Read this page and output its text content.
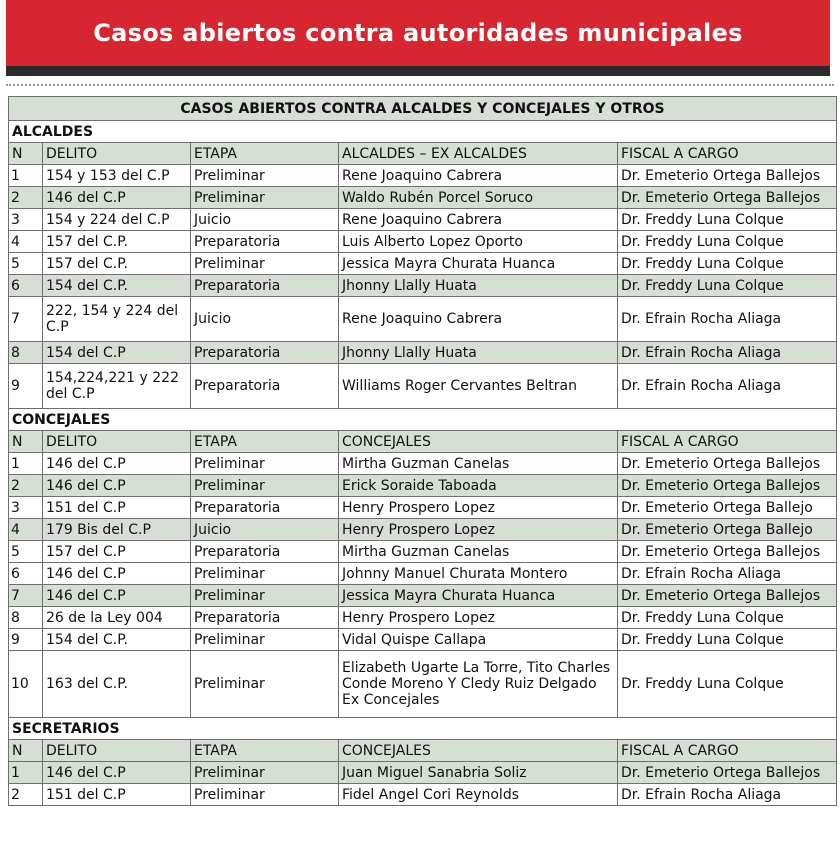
Casos abiertos contra autoridades municipales
CASOS ABIERTOS CONTRA ALCALDES Y CONCEJALES Y OTROS				
ALCALDES				
N	DELITO	ETAPA	ALCALDES – EX ALCALDES	FISCAL A CARGO
1	154 y 153 del C.P	Preliminar	Rene Joaquino Cabrera	Dr. Emeterio Ortega Ballejos
2	146 del C.P	Preliminar	Waldo Rubén Porcel Soruco	Dr. Emeterio Ortega Ballejos
3	154 y 224 del C.P	Juicio	Rene Joaquino Cabrera	Dr. Freddy Luna Colque
4	157 del C.P.	Preparatoria	Luis Alberto Lopez Oporto	Dr. Freddy Luna Colque
5	157 del C.P.	Preliminar	Jessica Mayra Churata Huanca	Dr. Freddy Luna Colque
6	154 del C.P.	Preparatoria	Jhonny Llally Huata	Dr. Freddy Luna Colque
7	222, 154 y 224 del C.P	Juicio	Rene Joaquino Cabrera	Dr. Efrain Rocha Aliaga
8	154 del C.P	Preparatoria	Jhonny Llally Huata	Dr. Efrain Rocha Aliaga
9	154,224,221 y 222 del C.P	Preparatoria	Williams Roger Cervantes Beltran	Dr. Efrain Rocha Aliaga
CONCEJALES				
N	DELITO	ETAPA	CONCEJALES	FISCAL A CARGO
1	146 del C.P	Preliminar	Mirtha Guzman Canelas	Dr. Emeterio Ortega Ballejos
2	146 del C.P	Preliminar	Erick Soraide Taboada	Dr. Emeterio Ortega Ballejos
3	151 del C.P	Preparatoria	Henry Prospero Lopez	Dr. Emeterio Ortega Ballejo
4	179 Bis del C.P	Juicio	Henry Prospero Lopez	Dr. Emeterio Ortega Ballejo
5	157 del C.P	Preparatoria	Mirtha Guzman Canelas	Dr. Emeterio Ortega Ballejos
6	146 del C.P	Preliminar	Johnny Manuel Churata Montero	Dr. Efrain Rocha Aliaga
7	146 del C.P	Preliminar	Jessica Mayra Churata Huanca	Dr. Emeterio Ortega Ballejos
8	26 de la Ley 004	Preparatoria	Henry Prospero Lopez	Dr. Freddy Luna Colque
9	154 del C.P.	Preliminar	Vidal Quispe Callapa	Dr. Freddy Luna Colque
10	163 del C.P.	Preliminar	Elizabeth Ugarte La Torre, Tito Charles Conde Moreno Y Cledy Ruiz Delgado Ex Concejales	Dr. Freddy Luna Colque
SECRETARIOS				
N	DELITO	ETAPA	CONCEJALES	FISCAL A CARGO
1	146 del C.P	Preliminar	Juan Miguel Sanabria Soliz	Dr. Emeterio Ortega Ballejos
2	151 del C.P	Preliminar	Fidel Angel Cori Reynolds	Dr. Efrain Rocha Aliaga
